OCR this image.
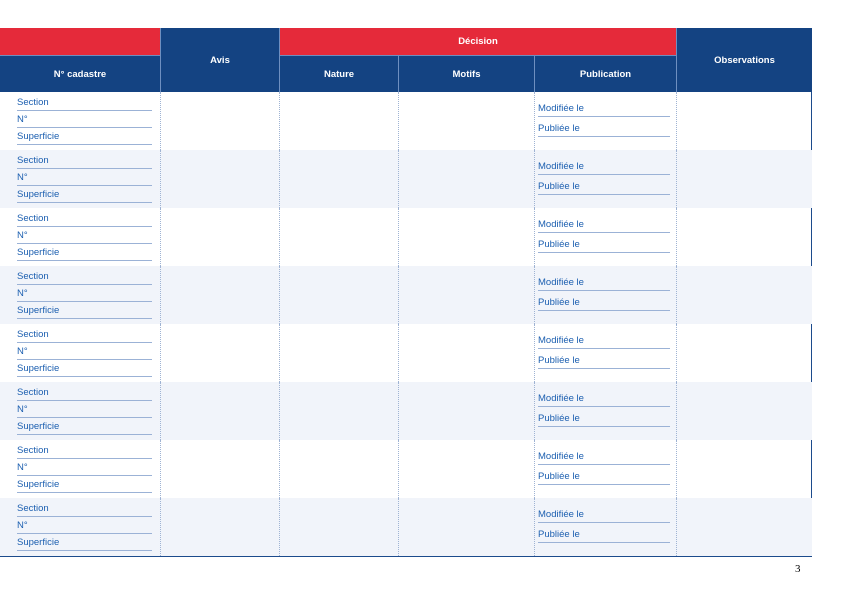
N° cadastre
Avis
Décision
Nature	Motifs	Publication
Observations
Section
N°
Superficie
Modifiée le
Publiée le
Section
N°
Superficie
Modifiée le
Publiée le
Section
N°
Superficie
Modifiée le
Publiée le
Section
N°
Superficie
Modifiée le
Publiée le
Section
N°
Superficie
Modifiée le
Publiée le
Section
N°
Superficie
Modifiée le
Publiée le
Section
N°
Superficie
Modifiée le
Publiée le
Section
N°
Superficie
Modifiée le
Publiée le
3
